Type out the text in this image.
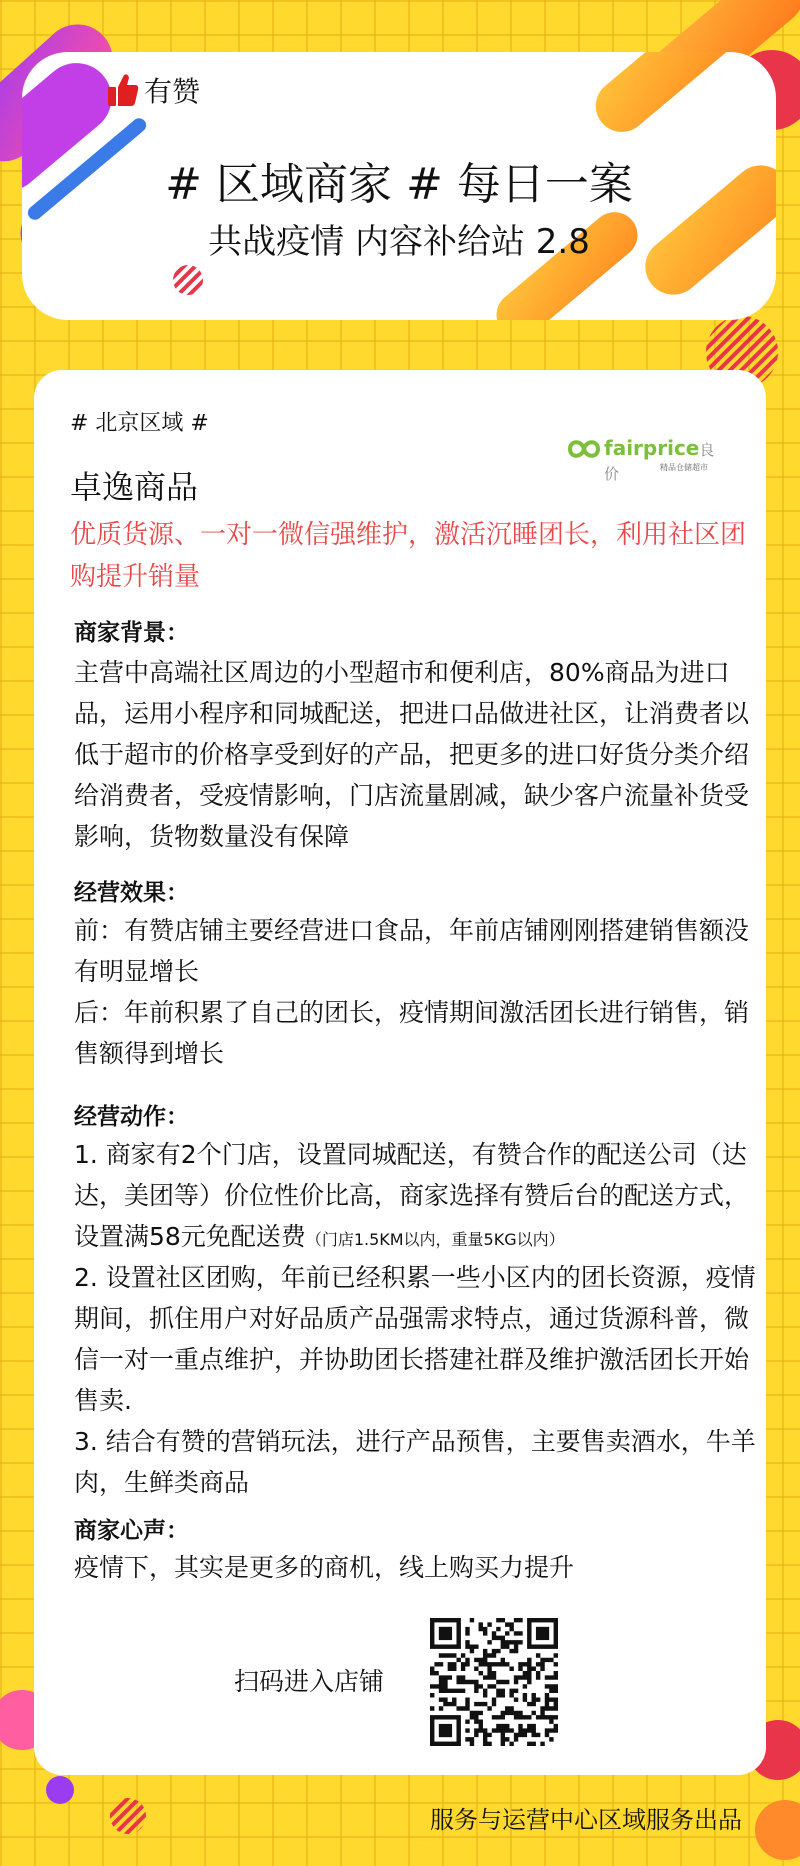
有赞
# 区域商家 # 每日一案
共战疫情 内容补给站 2.8
# 北京区域 #
fairprice良价	精品仓储超市
卓逸商品
优质货源、一对一微信强维护，激活沉睡团长，利用社区团购提升销量
商家背景：
主营中高端社区周边的小型超市和便利店，80%商品为进口品，运用小程序和同城配送，把进口品做进社区，让消费者以低于超市的价格享受到好的产品，把更多的进口好货分类介绍给消费者，受疫情影响，门店流量剧减，缺少客户流量补货受影响，货物数量没有保障
经营效果：
前：有赞店铺主要经营进口食品，年前店铺刚刚搭建销售额没有明显增长
后：年前积累了自己的团长，疫情期间激活团长进行销售，销售额得到增长
经营动作：
1. 商家有2个门店，设置同城配送，有赞合作的配送公司（达达，美团等）价位性价比高，商家选择有赞后台的配送方式，设置满58元免配送费（门店1.5KM以内，重量5KG以内）
2. 设置社区团购，年前已经积累一些小区内的团长资源，疫情期间，抓住用户对好品质产品强需求特点，通过货源科普，微信一对一重点维护，并协助团长搭建社群及维护激活团长开始售卖.
3. 结合有赞的营销玩法，进行产品预售，主要售卖酒水，牛羊肉，生鲜类商品
商家心声：
疫情下，其实是更多的商机，线上购买力提升
扫码进入店铺
服务与运营中心区域服务出品
